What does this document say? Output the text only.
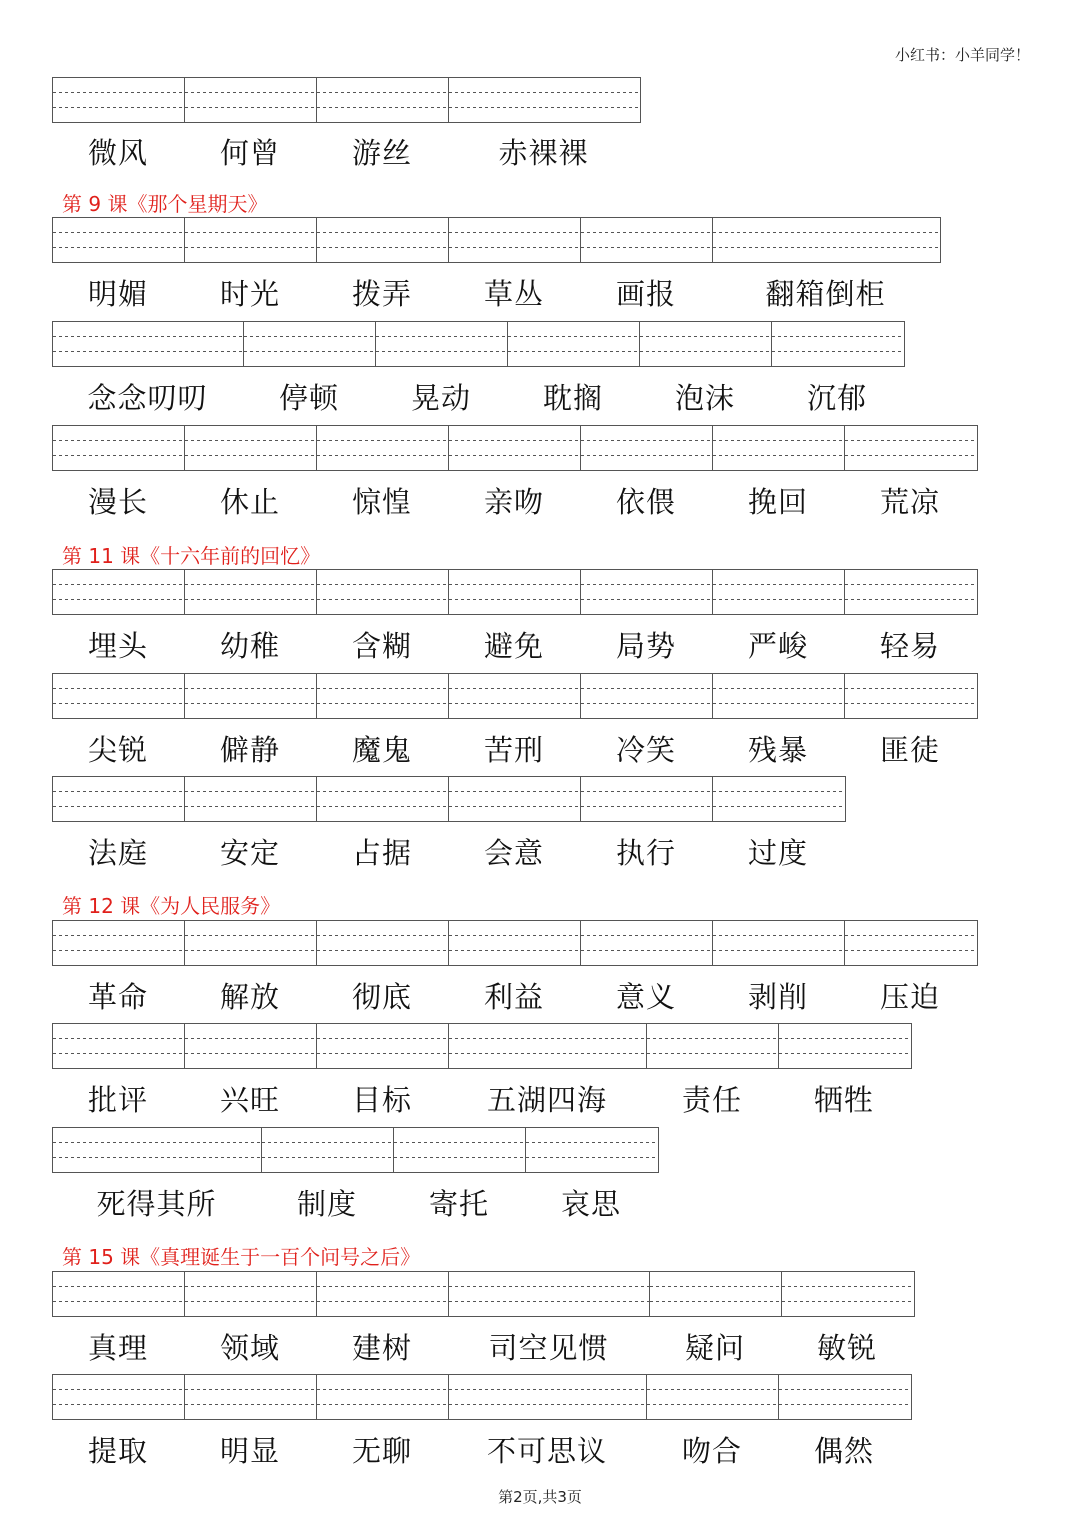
小红书：小羊同学！
微风	何曾	游丝	赤裸裸
第 9 课《那个星期天》
明媚	时光	拨弄	草丛	画报	翻箱倒柜
念念叨叨	停顿	晃动	耽搁	泡沫	沉郁
漫长	休止	惊惶	亲吻	依偎	挽回	荒凉
第 11 课《十六年前的回忆》
埋头	幼稚	含糊	避免	局势	严峻	轻易
尖锐	僻静	魔鬼	苦刑	冷笑	残暴	匪徒
法庭	安定	占据	会意	执行	过度
第 12 课《为人民服务》
革命	解放	彻底	利益	意义	剥削	压迫
批评	兴旺	目标	五湖四海	责任	牺牲
死得其所	制度	寄托	哀思
第 15 课《真理诞生于一百个问号之后》
真理	领域	建树	司空见惯	疑问	敏锐
提取	明显	无聊	不可思议	吻合	偶然
第2页,共3页
